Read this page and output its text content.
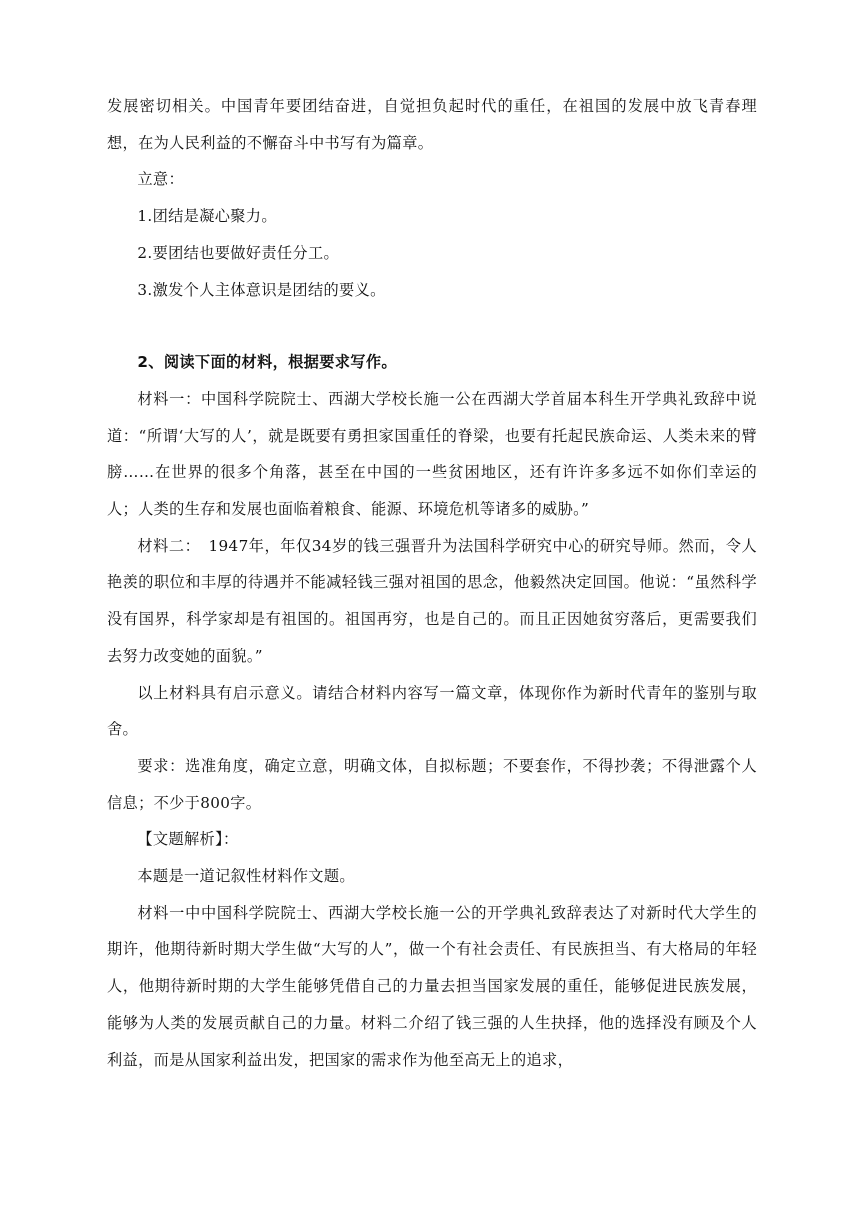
发展密切相关。中国青年要团结奋进，自觉担负起时代的重任，在祖国的发展中放飞青春理想，在为人民利益的不懈奋斗中书写有为篇章。

立意：

1.团结是凝心聚力。

2.要团结也要做好责任分工。

3.激发个人主体意识是团结的要义。

2、阅读下面的材料，根据要求写作。

材料一：中国科学院院士、西湖大学校长施一公在西湖大学首届本科生开学典礼致辞中说道：“所谓‘大写的人’，就是既要有勇担家国重任的脊梁，也要有托起民族命运、人类未来的臂膀……在世界的很多个角落，甚至在中国的一些贫困地区，还有许许多多远不如你们幸运的人；人类的生存和发展也面临着粮食、能源、环境危机等诸多的威胁。”

材料二：　1947年，年仅34岁的钱三强晋升为法国科学研究中心的研究导师。然而，令人艳羡的职位和丰厚的待遇并不能减轻钱三强对祖国的思念，他毅然决定回国。他说：“虽然科学没有国界，科学家却是有祖国的。祖国再穷，也是自己的。而且正因她贫穷落后，更需要我们去努力改变她的面貌。”

以上材料具有启示意义。请结合材料内容写一篇文章，体现你作为新时代青年的鉴别与取舍。

要求：选准角度，确定立意，明确文体，自拟标题；不要套作，不得抄袭；不得泄露个人信息；不少于800字。

【文题解析】：

本题是一道记叙性材料作文题。

材料一中中国科学院院士、西湖大学校长施一公的开学典礼致辞表达了对新时代大学生的期许，他期待新时期大学生做“大写的人”，做一个有社会责任、有民族担当、有大格局的年轻人，他期待新时期的大学生能够凭借自己的力量去担当国家发展的重任，能够促进民族发展，能够为人类的发展贡献自己的力量。材料二介绍了钱三强的人生抉择，他的选择没有顾及个人利益，而是从国家利益出发，把国家的需求作为他至高无上的追求，
